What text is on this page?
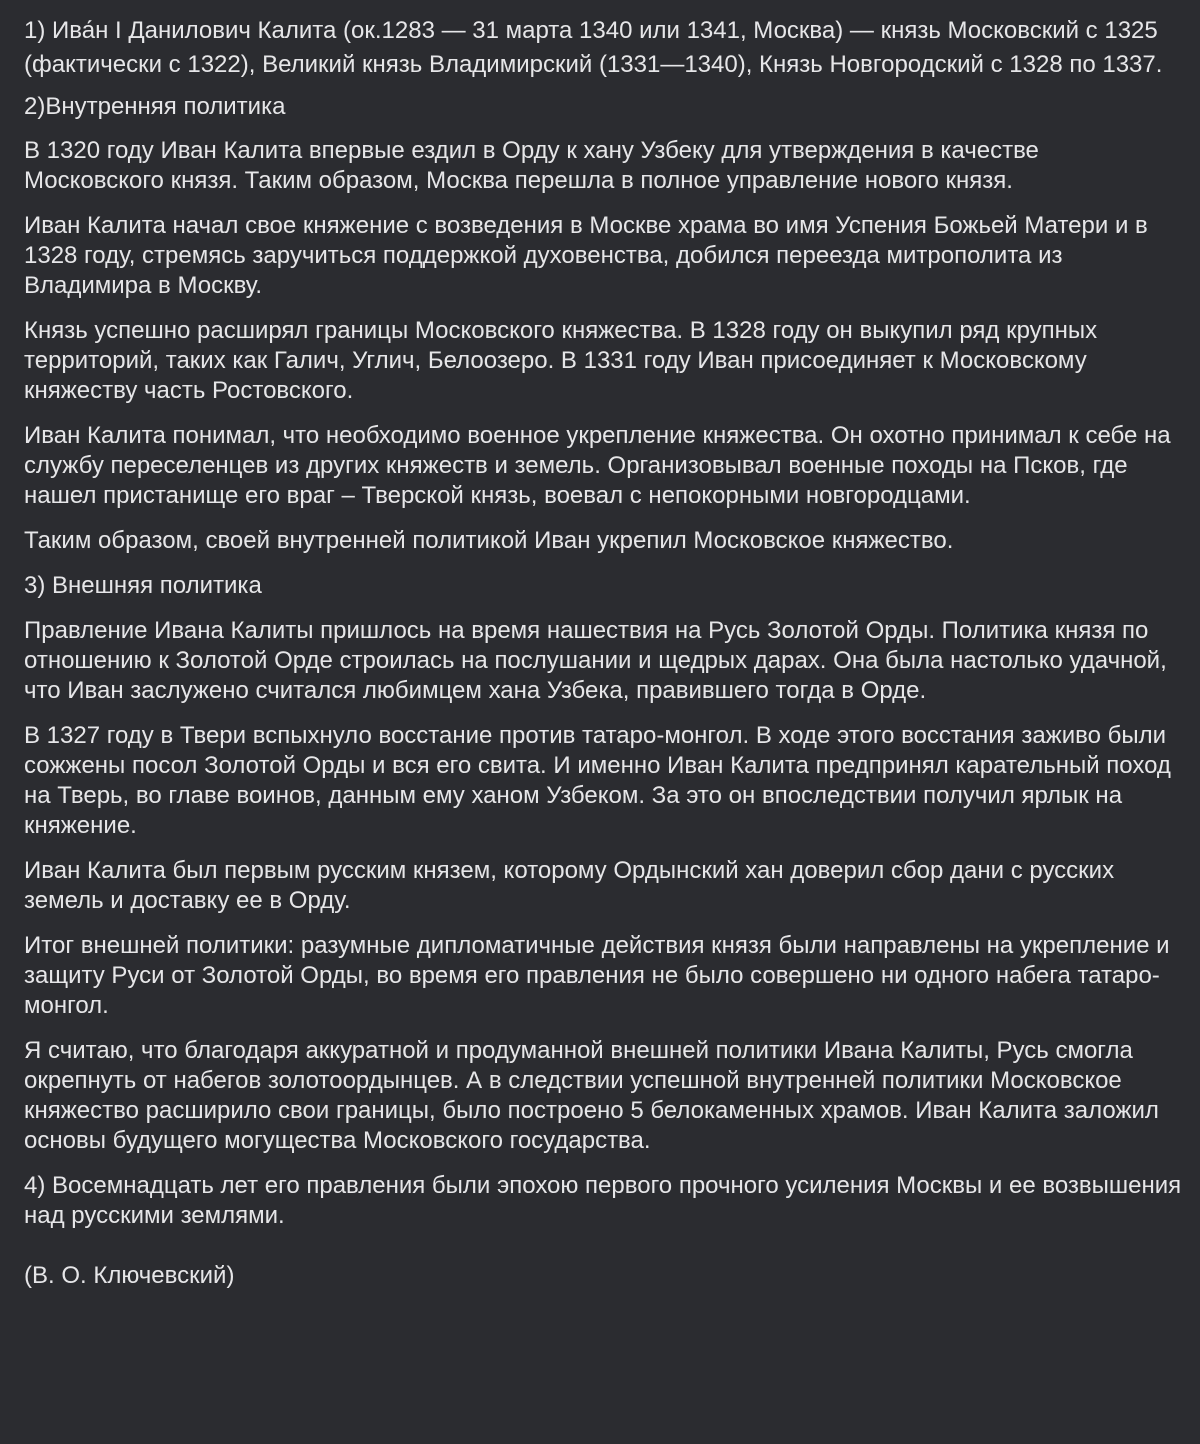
1) Ива́н I Данилович Калита (ок.1283 — 31 марта 1340 или 1341, Москва) — князь Московский с 1325 (фактически с 1322), Великий князь Владимирский (1331—1340), Князь Новгородский с 1328 по 1337.

2)Внутренняя политика

В 1320 году Иван Калита впервые ездил в Орду к хану Узбеку для утверждения в качестве Московского князя. Таким образом, Москва перешла в полное управление нового князя.

Иван Калита начал свое княжение с возведения в Москве храма во имя Успения Божьей Матери и в 1328 году, стремясь заручиться поддержкой духовенства, добился переезда митрополита из Владимира в Москву.

Князь успешно расширял границы Московского княжества. В 1328 году он выкупил ряд крупных территорий, таких как Галич, Углич, Белоозеро. В 1331 году Иван присоединяет к Московскому княжеству часть Ростовского.

Иван Калита понимал, что необходимо военное укрепление княжества. Он охотно принимал к себе на службу переселенцев из других княжеств и земель. Организовывал военные походы на Псков, где нашел пристанище его враг – Тверской князь, воевал с непокорными новгородцами.

Таким образом, своей внутренней политикой Иван укрепил Московское княжество.

3) Внешняя политика

Правление Ивана Калиты пришлось на время нашествия на Русь Золотой Орды. Политика князя по отношению к Золотой Орде строилась на послушании и щедрых дарах. Она была настолько удачной, что Иван заслужено считался любимцем хана Узбека, правившего тогда в Орде.

В 1327 году в Твери вспыхнуло восстание против татаро-монгол. В ходе этого восстания заживо были сожжены посол Золотой Орды и вся его свита. И именно Иван Калита предпринял карательный поход на Тверь, во главе воинов, данным ему ханом Узбеком. За это он впоследствии получил ярлык на княжение.

Иван Калита был первым русским князем, которому Ордынский хан доверил сбор дани с русских земель и доставку ее в Орду.

Итог внешней политики: разумные дипломатичные действия князя были направлены на укрепление и защиту Руси от Золотой Орды, во время его правления не было совершено ни одного набега татаро-монгол.

Я считаю, что благодаря аккуратной и продуманной внешней политики Ивана Калиты, Русь смогла окрепнуть от набегов золотоордынцев. А в следствии успешной внутренней политики Московское княжество расширило свои границы, было построено 5 белокаменных храмов. Иван Калита заложил основы будущего могущества Московского государства.

4) Восемнадцать лет его правления были эпохою первого прочного усиления Москвы и ее возвышения над русскими землями.

(В. О. Ключевский)
